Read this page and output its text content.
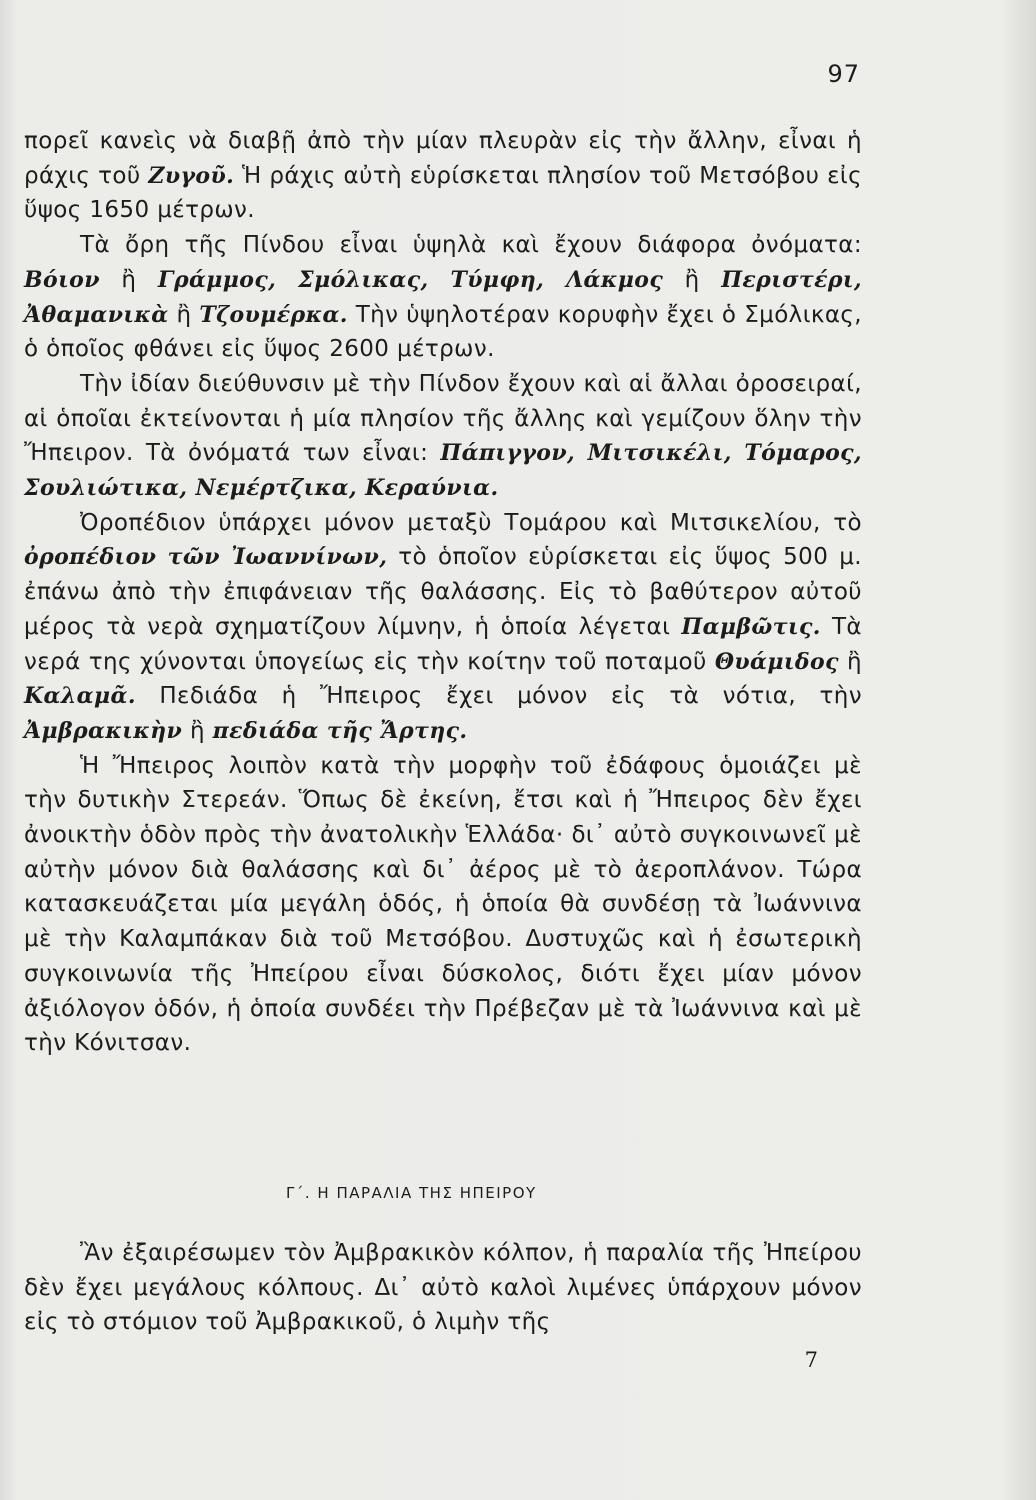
97

πορεῖ κανεὶς νὰ διαβῇ ἀπὸ τὴν μίαν πλευρὰν εἰς τὴν ἄλλην, εἶναι ἡ ράχις τοῦ Ζυγοῦ. Ἡ ράχις αὐτὴ εὑρίσκεται πλησίον τοῦ Μετσόβου εἰς ὕψος 1650 μέτρων.

Τὰ ὄρη τῆς Πίνδου εἶναι ὑψηλὰ καὶ ἔχουν διάφορα ὀνόματα: Βόιον ἢ Γράμμος, Σμόλικας, Τύμφη, Λάκμος ἢ Περιστέρι, Ἀθαμανικὰ ἢ Τζουμέρκα. Τὴν ὑψηλοτέραν κορυφὴν ἔχει ὁ Σμόλικας, ὁ ὁποῖος φθάνει εἰς ὕψος 2600 μέτρων.

Τὴν ἰδίαν διεύθυνσιν μὲ τὴν Πίνδον ἔχουν καὶ αἱ ἄλλαι ὀροσειραί, αἱ ὁποῖαι ἐκτείνονται ἡ μία πλησίον τῆς ἄλλης καὶ γεμίζουν ὅλην τὴν Ἤπειρον. Τὰ ὀνόματά των εἶναι: Πάπιγγον, Μιτσικέλι, Τόμαρος, Σουλιώτικα, Νεμέρτζικα, Κεραύνια.

Ὀροπέδιον ὑπάρχει μόνον μεταξὺ Τομάρου καὶ Μιτσικελίου, τὸ ὀροπέδιον τῶν Ἰωαννίνων, τὸ ὁποῖον εὑρίσκεται εἰς ὕψος 500 μ. ἐπάνω ἀπὸ τὴν ἐπιφάνειαν τῆς θαλάσσης. Εἰς τὸ βαθύτερον αὐτοῦ μέρος τὰ νερὰ σχηματίζουν λίμνην, ἡ ὁποία λέγεται Παμβῶτις. Τὰ νερά της χύνονται ὑπογείως εἰς τὴν κοίτην τοῦ ποταμοῦ Θυάμιδος ἢ Καλαμᾶ. Πεδιάδα ἡ Ἤπειρος ἔχει μόνον εἰς τὰ νότια, τὴν Ἀμβρακικὴν ἢ πεδιάδα τῆς Ἄρτης.

Ἡ Ἤπειρος λοιπὸν κατὰ τὴν μορφὴν τοῦ ἐδάφους ὁμοιάζει μὲ τὴν δυτικὴν Στερεάν. Ὅπως δὲ ἐκείνη, ἔτσι καὶ ἡ Ἤπειρος δὲν ἔχει ἀνοικτὴν ὁδὸν πρὸς τὴν ἀνατολικὴν Ἑλλάδα· δι᾽ αὐτὸ συγκοινωνεῖ μὲ αὐτὴν μόνον διὰ θαλάσσης καὶ δι᾽ ἀέρος μὲ τὸ ἀεροπλάνον. Τώρα κατασκευάζεται μία μεγάλη ὁδός, ἡ ὁποία θὰ συνδέσῃ τὰ Ἰωάννινα μὲ τὴν Καλαμπάκαν διὰ τοῦ Μετσόβου. Δυστυχῶς καὶ ἡ ἐσωτερικὴ συγκοινωνία τῆς Ἠπείρου εἶναι δύσκολος, διότι ἔχει μίαν μόνον ἀξιόλογον ὁδόν, ἡ ὁποία συνδέει τὴν Πρέβεζαν μὲ τὰ Ἰωάννινα καὶ μὲ τὴν Κόνιτσαν.

Γ΄. Η ΠΑΡΑΛΙΑ ΤΗΣ ΗΠΕΙΡΟΥ

Ἂν ἐξαιρέσωμεν τὸν Ἀμβρακικὸν κόλπον, ἡ παραλία τῆς Ἠπείρου δὲν ἔχει μεγάλους κόλπους. Δι᾽ αὐτὸ καλοὶ λιμένες ὑπάρχουν μόνον εἰς τὸ στόμιον τοῦ Ἀμβρακικοῦ, ὁ λιμὴν τῆς

7
